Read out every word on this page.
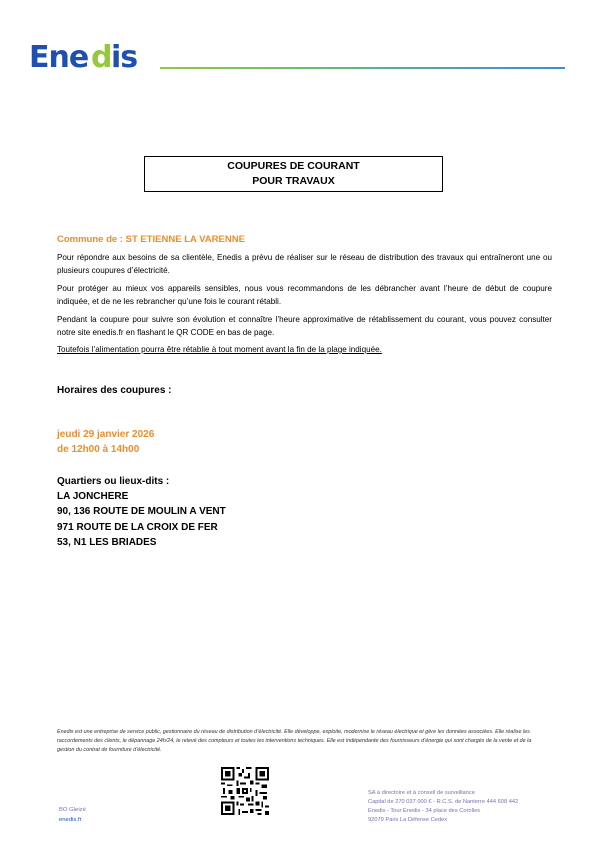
Ene d is
COUPURES DE COURANT
POUR TRAVAUX
Commune de : ST ETIENNE LA VARENNE
Pour répondre aux besoins de sa clientèle, Enedis a prévu de réaliser sur le réseau de distribution des travaux qui entraîneront une ou plusieurs coupures d’électricité.
Pour protéger au mieux vos appareils sensibles, nous vous recommandons de les débrancher avant l’heure de début de coupure indiquée, et de ne les rebrancher qu’une fois le courant rétabli.
Pendant la coupure pour suivre son évolution et connaître l’heure approximative de rétablissement du courant, vous pouvez consulter notre site enedis.fr en flashant le QR CODE en bas de page.
Toutefois l’alimentation pourra être rétablie à tout moment avant la fin de la plage indiquée.
Horaires des coupures :
jeudi 29 janvier 2026
de 12h00 à 14h00
Quartiers ou lieux-dits :
LA JONCHERE
90, 136 ROUTE DE MOULIN A VENT
971 ROUTE DE LA CROIX DE FER
53, N1 LES BRIADES
Enedis est une entreprise de service public, gestionnaire du réseau de distribution d’électricité. Elle développe, exploite, modernise le réseau électrique et gère les données associées. Elle réalise les raccordements des clients, le dépannage 24h/24, le relevé des compteurs et toutes les interventions techniques. Elle est indépendante des fournisseurs d’énergie qui sont chargés de la vente et de la gestion du contrat de fourniture d’électricité.
SA à directoire et à conseil de surveillance
Capital de 270 037 000 € - R.C.S. de Nanterre 444 608 442
Enedis - Tour Enedis - 34 place des Corolles
92079 Paris La Défense Cedex
BO Gleizé
enedis.fr
